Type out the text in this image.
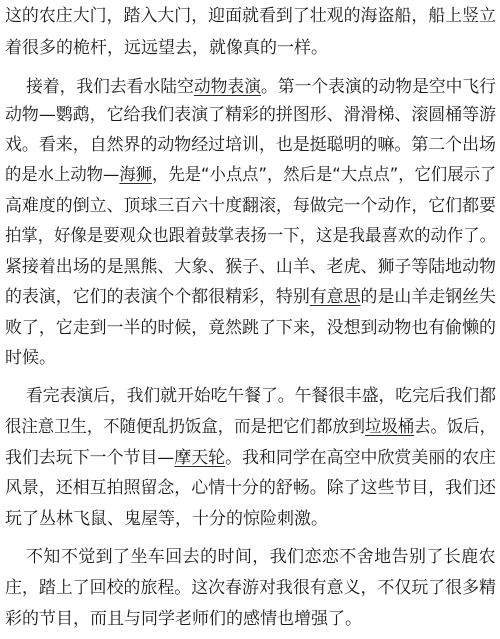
这的农庄大门，踏入大门，迎面就看到了壮观的海盗船，船上竖立
着很多的桅杆，远远望去，就像真的一样。
接着，我们去看水陆空动物表演。第一个表演的动物是空中飞行
动物—鹦鹉，它给我们表演了精彩的拼图形、滑滑梯、滚圆桶等游
戏。看来，自然界的动物经过培训，也是挺聪明的嘛。第二个出场
的是水上动物—海狮，先是“小点点”，然后是“大点点”，它们展示了
高难度的倒立、顶球三百六十度翻滚，每做完一个动作，它们都要
拍掌，好像是要观众也跟着鼓掌表扬一下，这是我最喜欢的动作了。
紧接着出场的是黑熊、大象、猴子、山羊、老虎、狮子等陆地动物
的表演，它们的表演个个都很精彩，特别有意思的是山羊走钢丝失
败了，它走到一半的时候，竟然跳了下来，没想到动物也有偷懒的
时候。
看完表演后，我们就开始吃午餐了。午餐很丰盛，吃完后我们都
很注意卫生，不随便乱扔饭盒，而是把它们都放到垃圾桶去。饭后，
我们去玩下一个节目—摩天轮。我和同学在高空中欣赏美丽的农庄
风景，还相互拍照留念，心情十分的舒畅。除了这些节目，我们还
玩了丛林飞鼠、鬼屋等，十分的惊险刺激。
不知不觉到了坐车回去的时间，我们恋恋不舍地告别了长鹿农
庄，踏上了回校的旅程。这次春游对我很有意义，不仅玩了很多精
彩的节目，而且与同学老师们的感情也增强了。
